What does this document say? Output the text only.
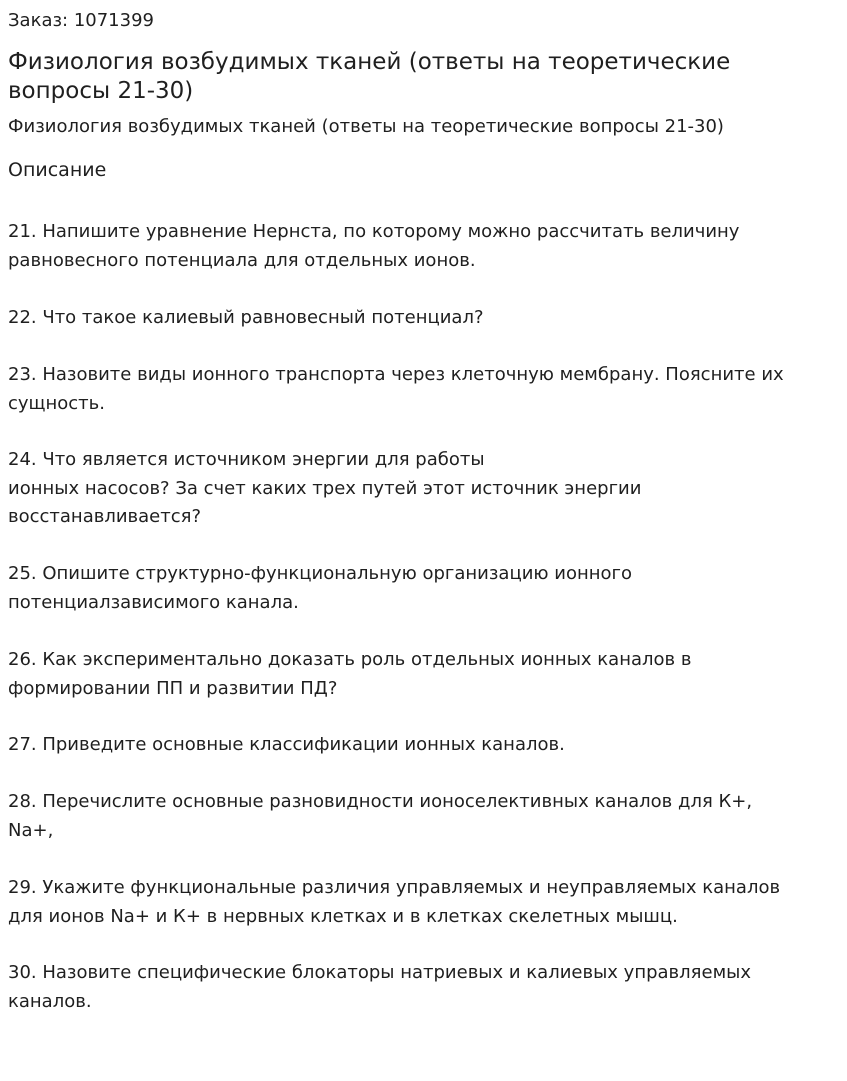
Заказ: 1071399
Физиология возбудимых тканей (ответы на теоретические
вопросы 21-30)
Физиология возбудимых тканей (ответы на теоретические вопросы 21-30)
Описание
21. Напишите уравнение Нернста, по которому можно рассчитать величину
равновесного потенциала для отдельных ионов.
22. Что такое калиевый равновесный потенциал?
23. Назовите виды ионного транспорта через клеточную мембрану. Поясните их
сущность.
24. Что является источником энергии для работы
ионных насосов? За счет каких трех путей этот источник энергии
восстанавливается?
25. Опишите структурно-функциональную организацию ионного
потенциалзависимого канала.
26. Как экспериментально доказать роль отдельных ионных каналов в
формировании ПП и развитии ПД?
27. Приведите основные классификации ионных каналов.
28. Перечислите основные разновидности ионоселективных каналов для К+,
Na+,
29. Укажите функциональные различия управляемых и неуправляемых каналов
для ионов Na+ и К+ в нервных клетках и в клетках скелетных мышц.
30. Назовите специфические блокаторы натриевых и калиевых управляемых
каналов.
